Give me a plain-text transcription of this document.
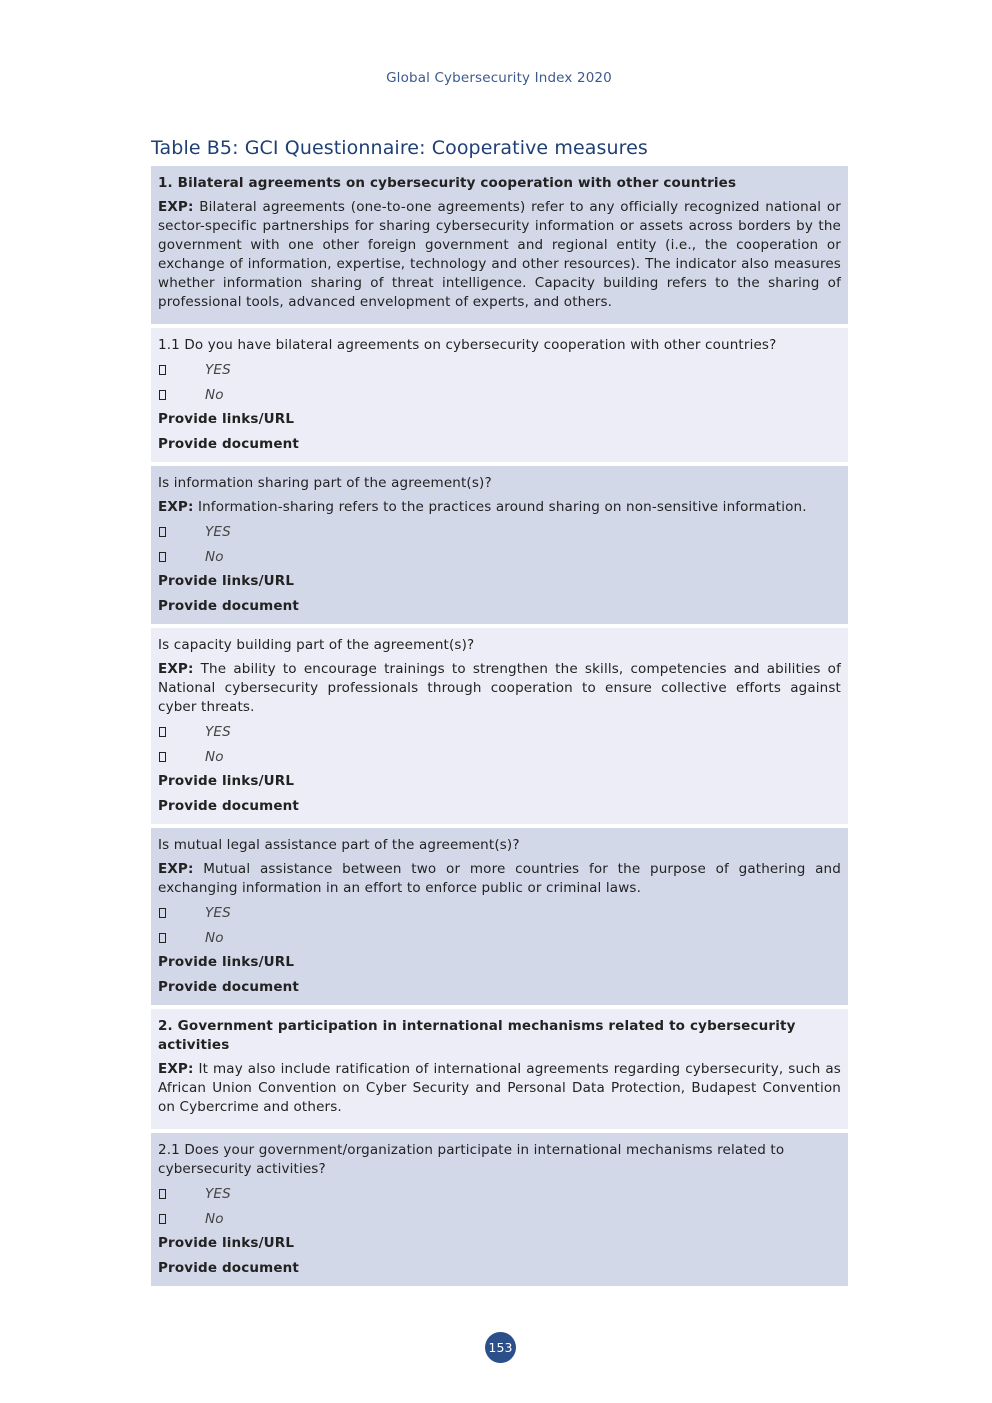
Global Cybersecurity Index 2020
Table B5: GCI Questionnaire: Cooperative measures
1. Bilateral agreements on cybersecurity cooperation with other countries
EXP: Bilateral agreements (one-to-one agreements) refer to any officially recognized national or sector-specific partnerships for sharing cybersecurity information or assets across borders by the government with one other foreign government and regional entity (i.e., the cooperation or exchange of information, expertise, technology and other resources). The indicator also measures whether information sharing of threat intelligence. Capacity building refers to the sharing of professional tools, advanced envelopment of experts, and others.
1.1 Do you have bilateral agreements on cybersecurity cooperation with other countries?
YES
No
Provide links/URL
Provide document
Is information sharing part of the agreement(s)?
EXP: Information-sharing refers to the practices around sharing on non-sensitive information.
YES
No
Provide links/URL
Provide document
Is capacity building part of the agreement(s)?
EXP: The ability to encourage trainings to strengthen the skills, competencies and abilities of National cybersecurity professionals through cooperation to ensure collective efforts against cyber threats.
YES
No
Provide links/URL
Provide document
Is mutual legal assistance part of the agreement(s)?
EXP: Mutual assistance between two or more countries for the purpose of gathering and exchanging information in an effort to enforce public or criminal laws.
YES
No
Provide links/URL
Provide document
2. Government participation in international mechanisms related to cybersecurity activities
EXP: It may also include ratification of international agreements regarding cybersecurity, such as African Union Convention on Cyber Security and Personal Data Protection, Budapest Convention on Cybercrime and others.
2.1 Does your government/organization participate in international mechanisms related to cybersecurity activities?
YES
No
Provide links/URL
Provide document
153
